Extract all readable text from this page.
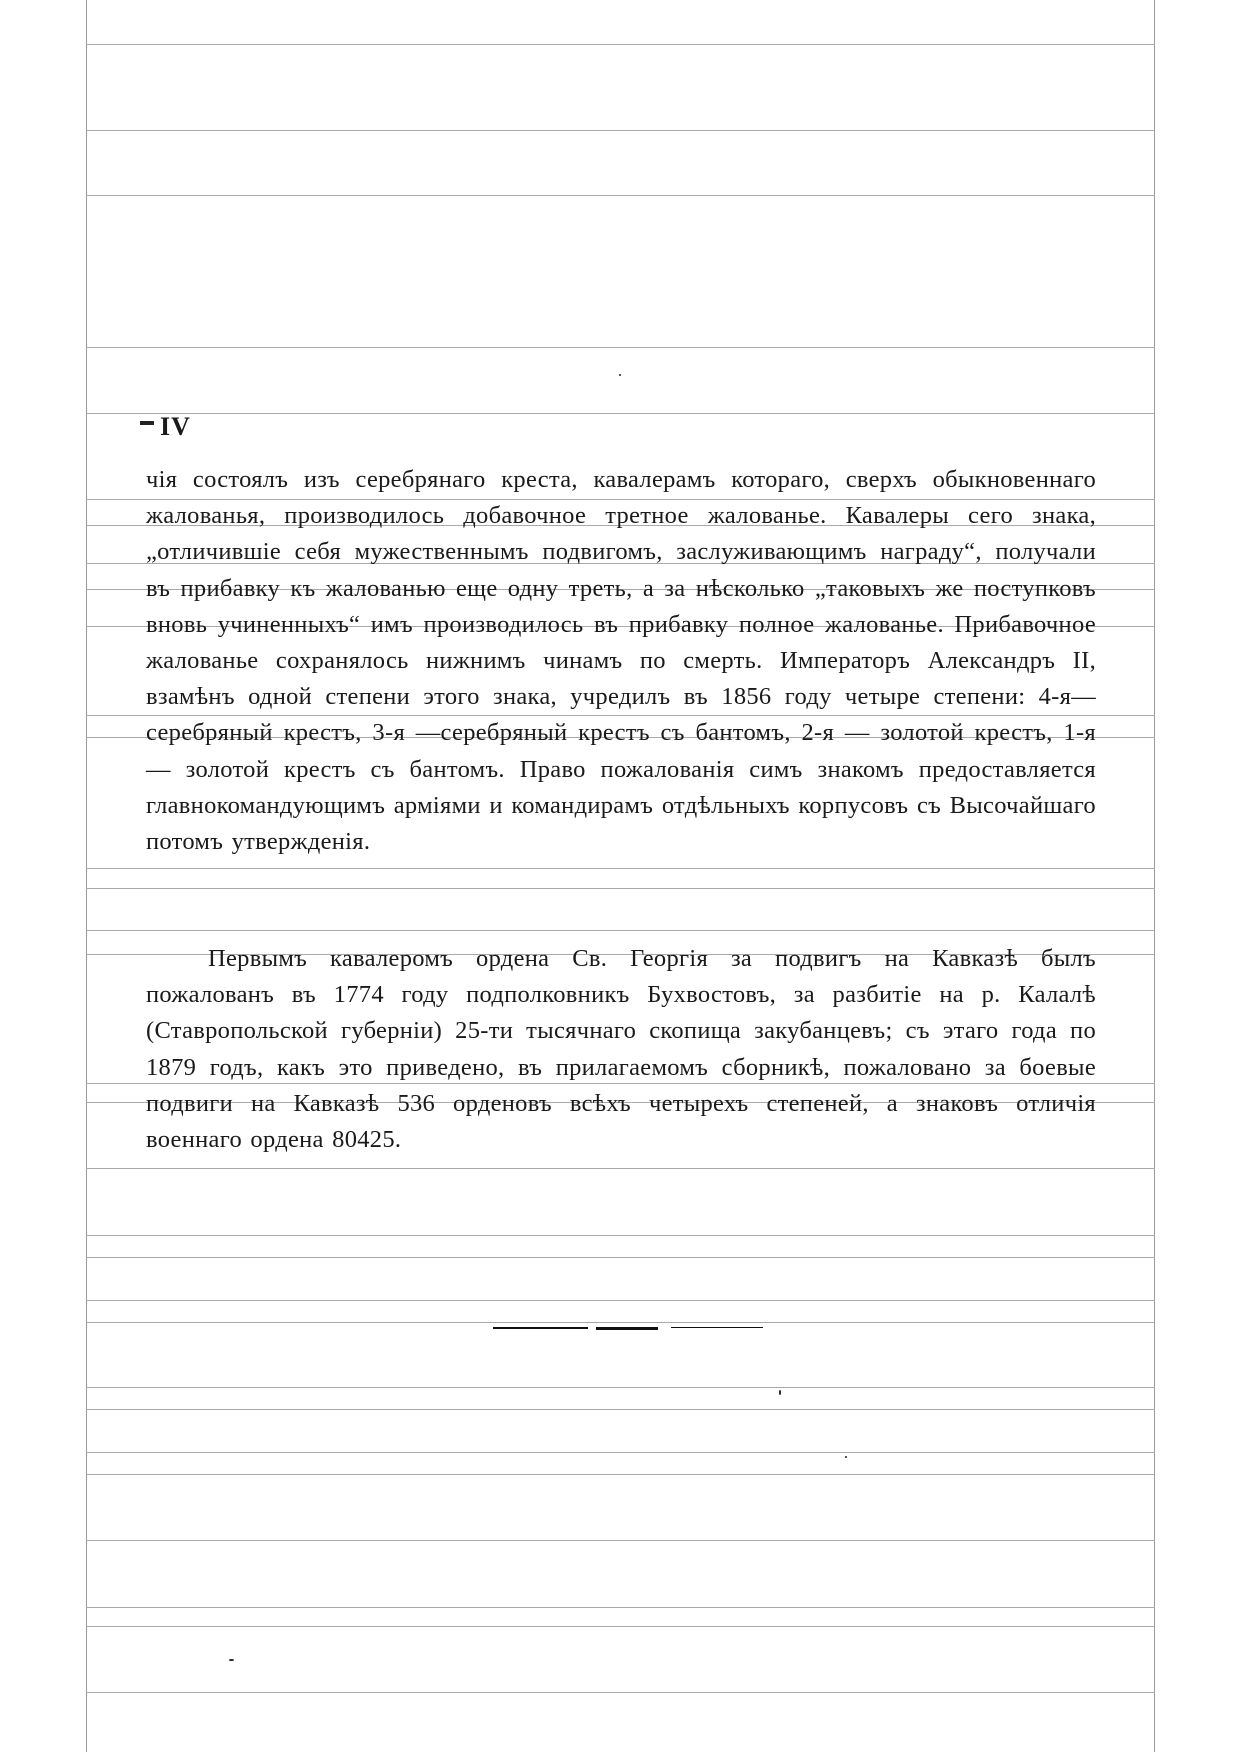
IV
чія состоялъ изъ серебрянаго креста, кавалерамъ котораго, сверхъ обыкновеннаго жалованья, производилось добавочное третное жалованье. Кавалеры сего знака, „отличившіе себя мужественнымъ подвигомъ, заслуживающимъ награду“, получали въ прибавку къ жалованью еще одну треть, а за нѣсколько „таковыхъ же поступковъ вновь учиненныхъ“ имъ производилось въ прибавку полное жалованье. Прибавочное жалованье сохранялось нижнимъ чинамъ по смерть. Императоръ Александръ II, взамѣнъ одной степени этого знака, учредилъ въ 1856 году четыре степени: 4-я—серебряный крестъ, 3-я —серебряный крестъ съ бантомъ, 2-я — золотой крестъ, 1-я — золотой крестъ съ бантомъ. Право пожалованія симъ знакомъ предоставляется главнокомандующимъ арміями и командирамъ отдѣльныхъ корпусовъ съ Высочайшаго потомъ утвержденія.
Первымъ кавалеромъ ордена Св. Георгія за подвигъ на Кавказѣ былъ пожалованъ въ 1774 году подполковникъ Бухвостовъ, за разбитіе на р. Калалѣ (Ставропольской губерніи) 25-ти тысячнаго скопища закубанцевъ; съ этаго года по 1879 годъ, какъ это приведено, въ прилагаемомъ сборникѣ, пожаловано за боевые подвиги на Кавказѣ 536 орденовъ всѣхъ четырехъ степеней, а знаковъ отличія военнаго ордена 80425.
